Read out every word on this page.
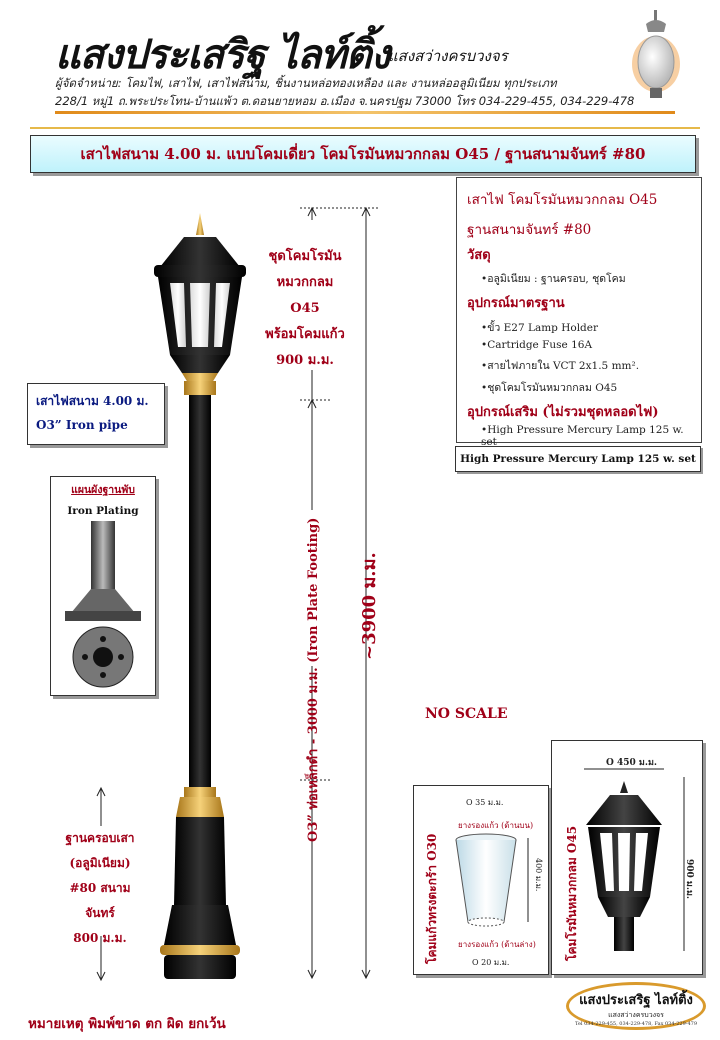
แสงประเสริฐ ไลท์ติ้ง
แสงสว่างครบวงจร
ผู้จัดจำหน่าย: โคมไฟ, เสาไฟ, เสาไฟสนาม, ชิ้นงานหล่อทองเหลือง และ งานหล่ออลูมิเนียม ทุกประเภท
228/1 หมู่1 ถ.พระประโทน-บ้านแพ้ว ต.ดอนยายหอม อ.เมือง จ.นครปฐม 73000 โทร 034-229-455, 034-229-478
เสาไฟสนาม 4.00 ม. แบบโคมเดี่ยว โคมโรมันหมวกกลม O45 / ฐานสนามจันทร์ #80
เสาไฟ โคมโรมันหมวกกลม O45
ฐานสนามจันทร์ #80
วัสดุ
•อลูมิเนียม : ฐานครอบ, ชุดโคม
อุปกรณ์มาตรฐาน
•ขั้ว E27 Lamp Holder
•Cartridge Fuse 16A
•สายไฟภายใน VCT 2x1.5 mm².
•ชุดโคมโรมันหมวกกลม O45
อุปกรณ์เสริม (ไม่รวมชุดหลอดไฟ)
•High Pressure Mercury Lamp 125 w. set
High Pressure Mercury Lamp 125 w. set
ชุดโคมโรมัน
หมวกกลม
O45
พร้อมโคมแก้ว
900 ม.ม.
O3” ท่อเหล็กดำ - 3000 ม.ม. (Iron Plate Footing) ~3900 ม.ม.
เสาไฟสนาม 4.00 ม.
O3” Iron pipe
แผนผังฐานพับ
Iron Plating
ฐานครอบเสา
(อลูมิเนียม)
#80 สนาม
จันทร์
800 ม.ม.
NO SCALE
โคมแก้วทรงตะกร้า O30
O 35 ม.ม.
ยางรองแก้ว (ด้านบน)
400 ม.ม.
ยางรองแก้ว (ด้านล่าง)
O 20 ม.ม.
โคมโรมันหมวกกลม O45
O 450 ม.ม.
900 ม.ม.
หมายเหตุ พิมพ์ขาด ตก ผิด ยกเว้น
แสงประเสริฐ ไลท์ติ้ง
แสงสว่างครบวงจร
Tel 034-229-455, 034-229-478, Fax 034-229-479
